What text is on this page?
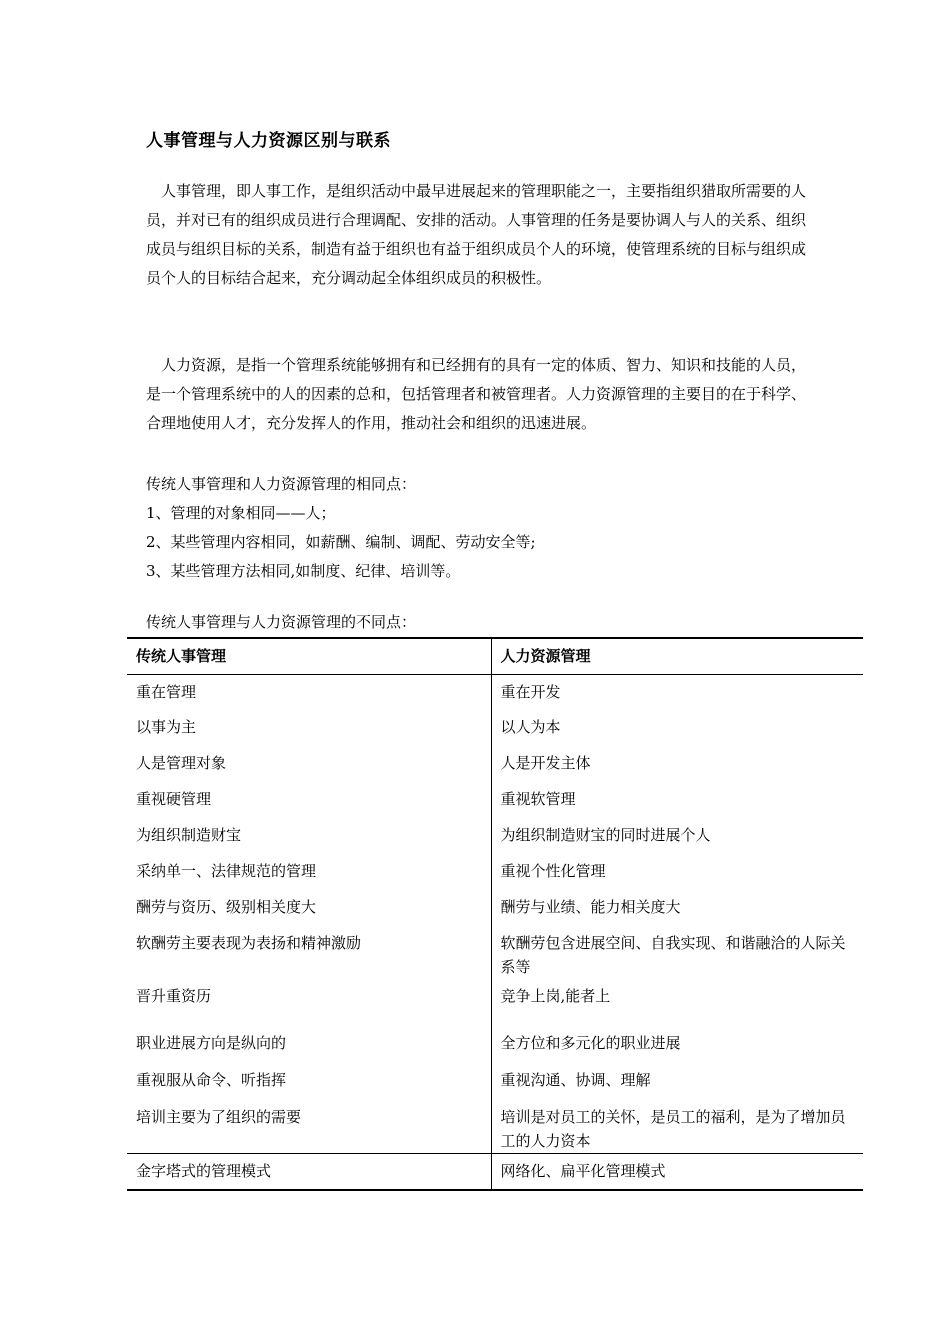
人事管理与人力资源区别与联系

　人事管理，即人事工作，是组织活动中最早进展起来的管理职能之一，主要指组织猎取所需要的人员，并对已有的组织成员进行合理调配、安排的活动。人事管理的任务是要协调人与人的关系、组织成员与组织目标的关系，制造有益于组织也有益于组织成员个人的环境，使管理系统的目标与组织成员个人的目标结合起来，充分调动起全体组织成员的积极性。

　人力资源，是指一个管理系统能够拥有和已经拥有的具有一定的体质、智力、知识和技能的人员，是一个管理系统中的人的因素的总和，包括管理者和被管理者。人力资源管理的主要目的在于科学、合理地使用人才，充分发挥人的作用，推动社会和组织的迅速进展。

传统人事管理和人力资源管理的相同点：
1、管理的对象相同——人；
2、某些管理内容相同，如薪酬、编制、调配、劳动安全等;
3、某些管理方法相同,如制度、纪律、培训等。
传统人事管理与人力资源管理的不同点：
传统人事管理	人力资源管理
重在管理	重在开发
以事为主	以人为本
人是管理对象	人是开发主体
重视硬管理	重视软管理
为组织制造财宝	为组织制造财宝的同时进展个人
采纳单一、法律规范的管理	重视个性化管理
酬劳与资历、级别相关度大	酬劳与业绩、能力相关度大
软酬劳主要表现为表扬和精神激励	软酬劳包含进展空间、自我实现、和谐融洽的人际关系等
晋升重资历	竞争上岗,能者上
职业进展方向是纵向的	全方位和多元化的职业进展
重视服从命令、听指挥	重视沟通、协调、理解
培训主要为了组织的需要	培训是对员工的关怀，是员工的福利，是为了增加员工的人力资本
金字塔式的管理模式	网络化、扁平化管理模式
